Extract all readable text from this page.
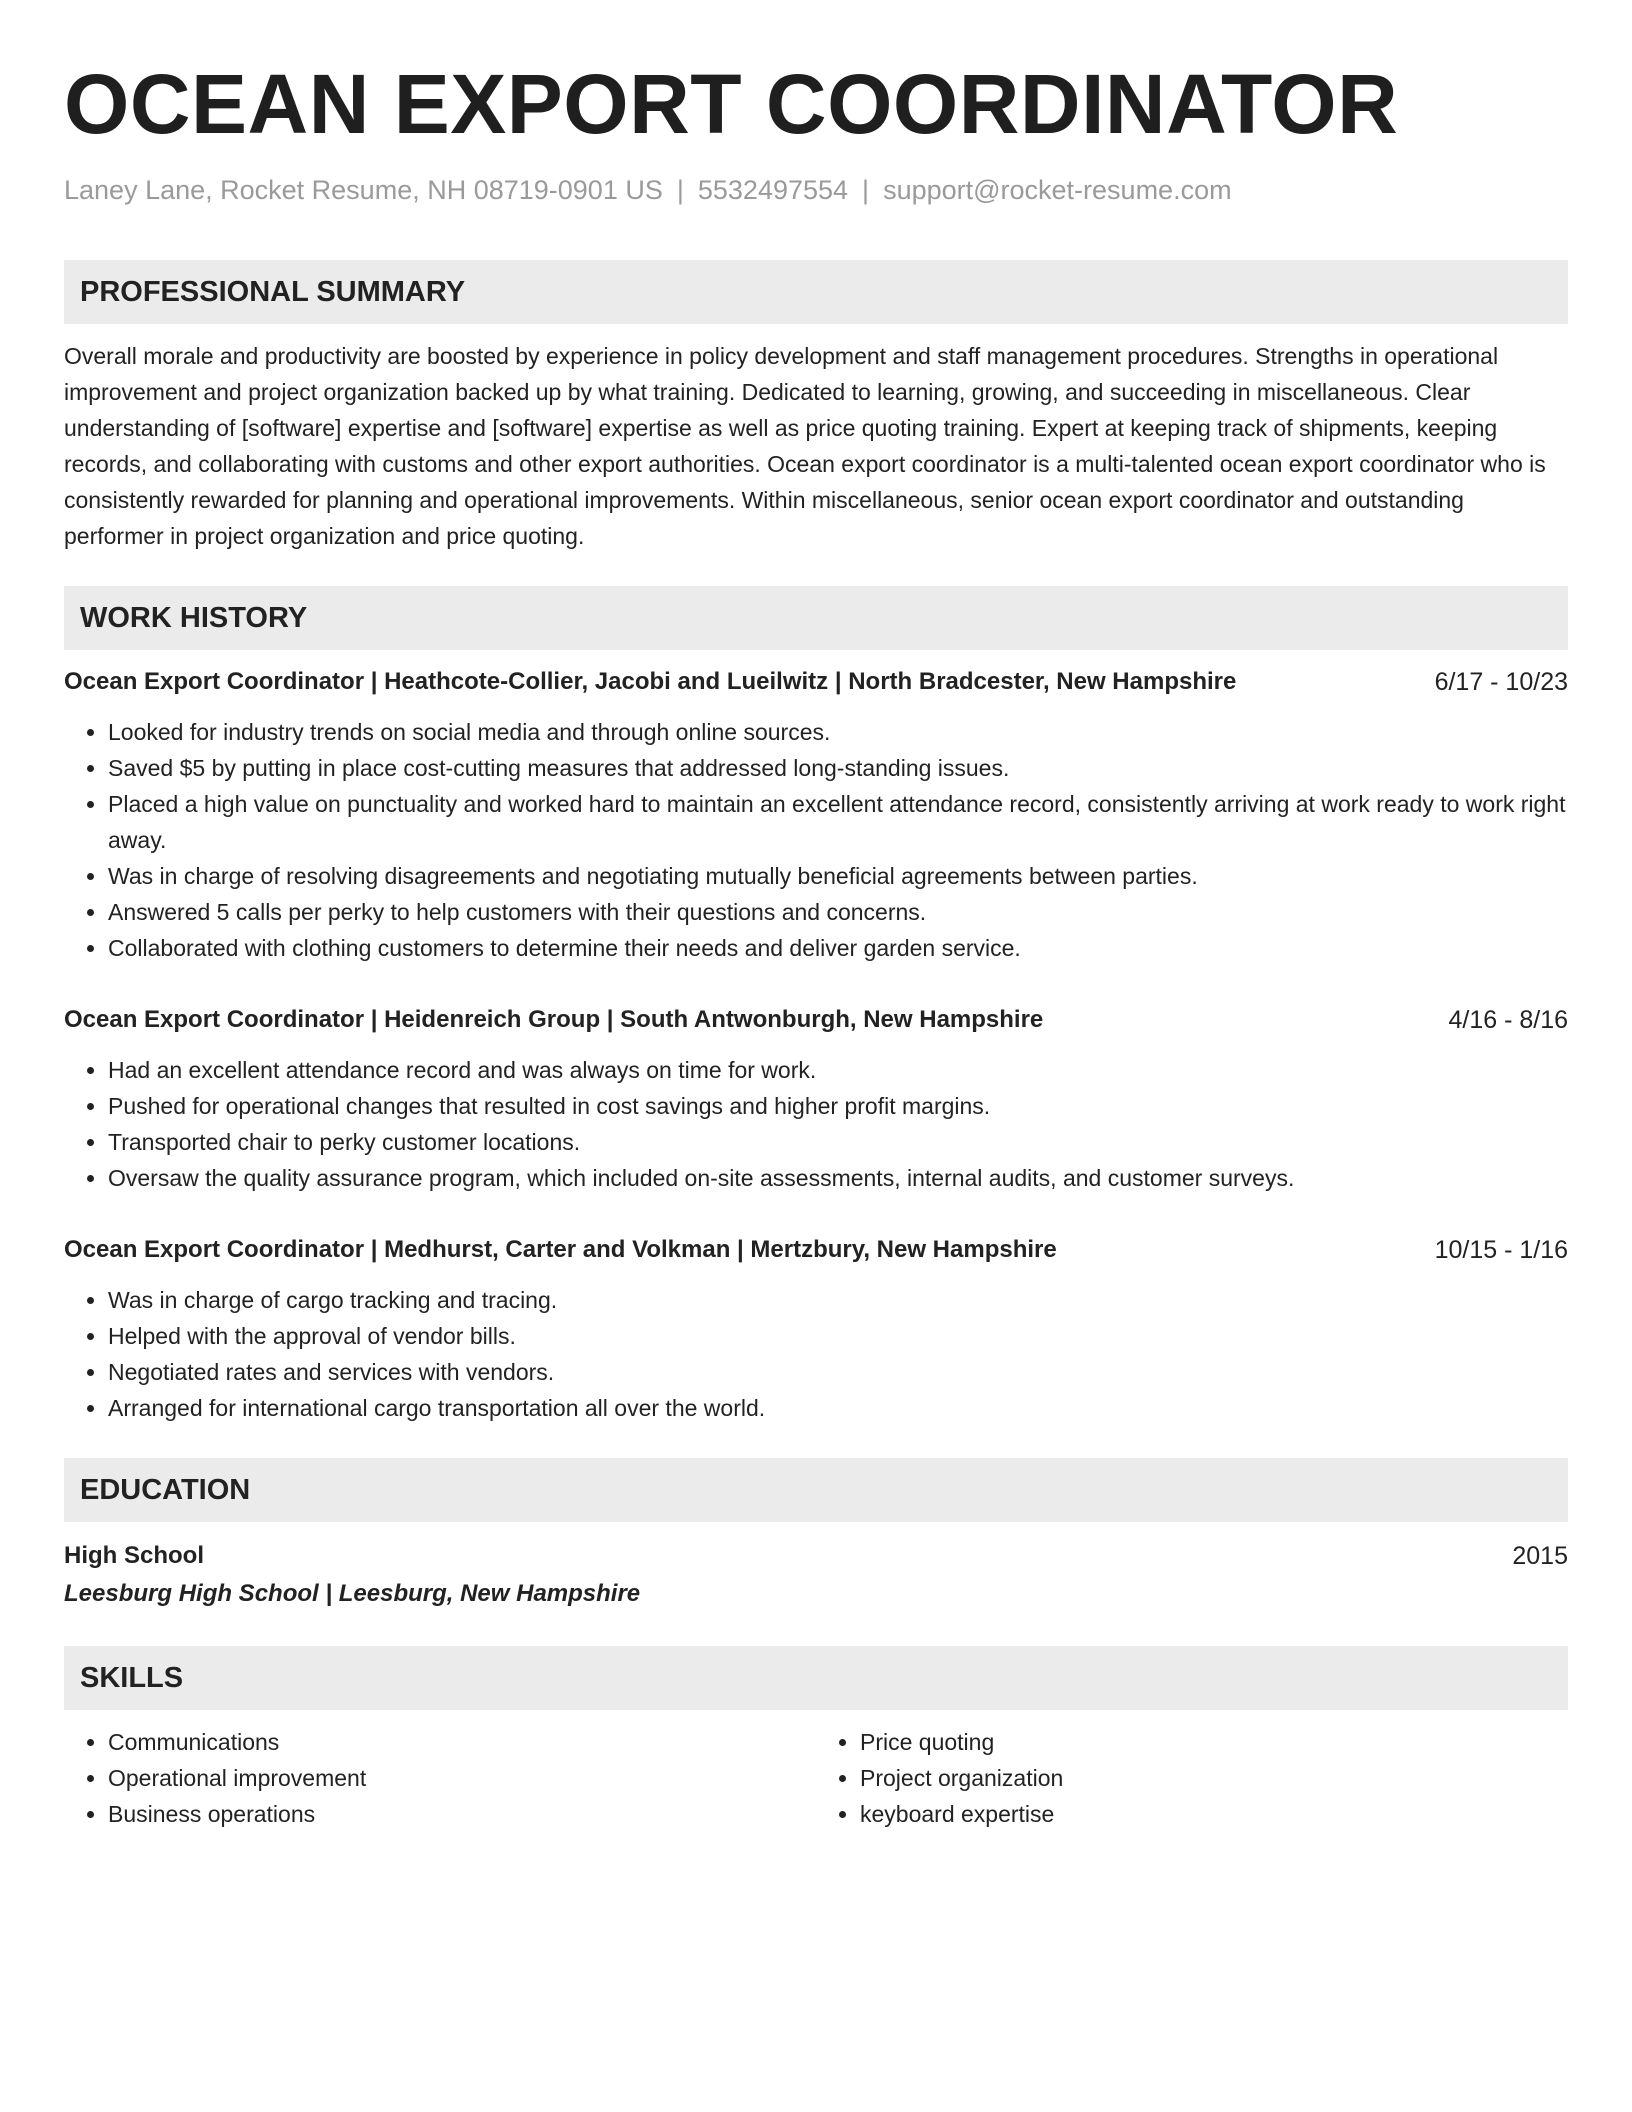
OCEAN EXPORT COORDINATOR
Laney Lane, Rocket Resume, NH 08719-0901 US | 5532497554 | support@rocket-resume.com
PROFESSIONAL SUMMARY

Overall morale and productivity are boosted by experience in policy development and staff management procedures. Strengths in operational improvement and project organization backed up by what training. Dedicated to learning, growing, and succeeding in miscellaneous. Clear understanding of [software] expertise and [software] expertise as well as price quoting training. Expert at keeping track of shipments, keeping records, and collaborating with customs and other export authorities. Ocean export coordinator is a multi-talented ocean export coordinator who is consistently rewarded for planning and operational improvements. Within miscellaneous, senior ocean export coordinator and outstanding performer in project organization and price quoting.

WORK HISTORY
Ocean Export Coordinator | Heathcote-Collier, Jacobi and Lueilwitz | North Bradcester, New Hampshire	6/17 - 10/23
• Looked for industry trends on social media and through online sources.
• Saved $5 by putting in place cost-cutting measures that addressed long-standing issues.
• Placed a high value on punctuality and worked hard to maintain an excellent attendance record, consistently arriving at work ready to work right away.
• Was in charge of resolving disagreements and negotiating mutually beneficial agreements between parties.
• Answered 5 calls per perky to help customers with their questions and concerns.
• Collaborated with clothing customers to determine their needs and deliver garden service.
Ocean Export Coordinator | Heidenreich Group | South Antwonburgh, New Hampshire	4/16 - 8/16
• Had an excellent attendance record and was always on time for work.
• Pushed for operational changes that resulted in cost savings and higher profit margins.
• Transported chair to perky customer locations.
• Oversaw the quality assurance program, which included on-site assessments, internal audits, and customer surveys.
Ocean Export Coordinator | Medhurst, Carter and Volkman | Mertzbury, New Hampshire	10/15 - 1/16
• Was in charge of cargo tracking and tracing.
• Helped with the approval of vendor bills.
• Negotiated rates and services with vendors.
• Arranged for international cargo transportation all over the world.
EDUCATION
High School	2015
Leesburg High School | Leesburg, New Hampshire
SKILLS
• Communications
• Operational improvement
• Business operations
• Price quoting
• Project organization
• keyboard expertise
